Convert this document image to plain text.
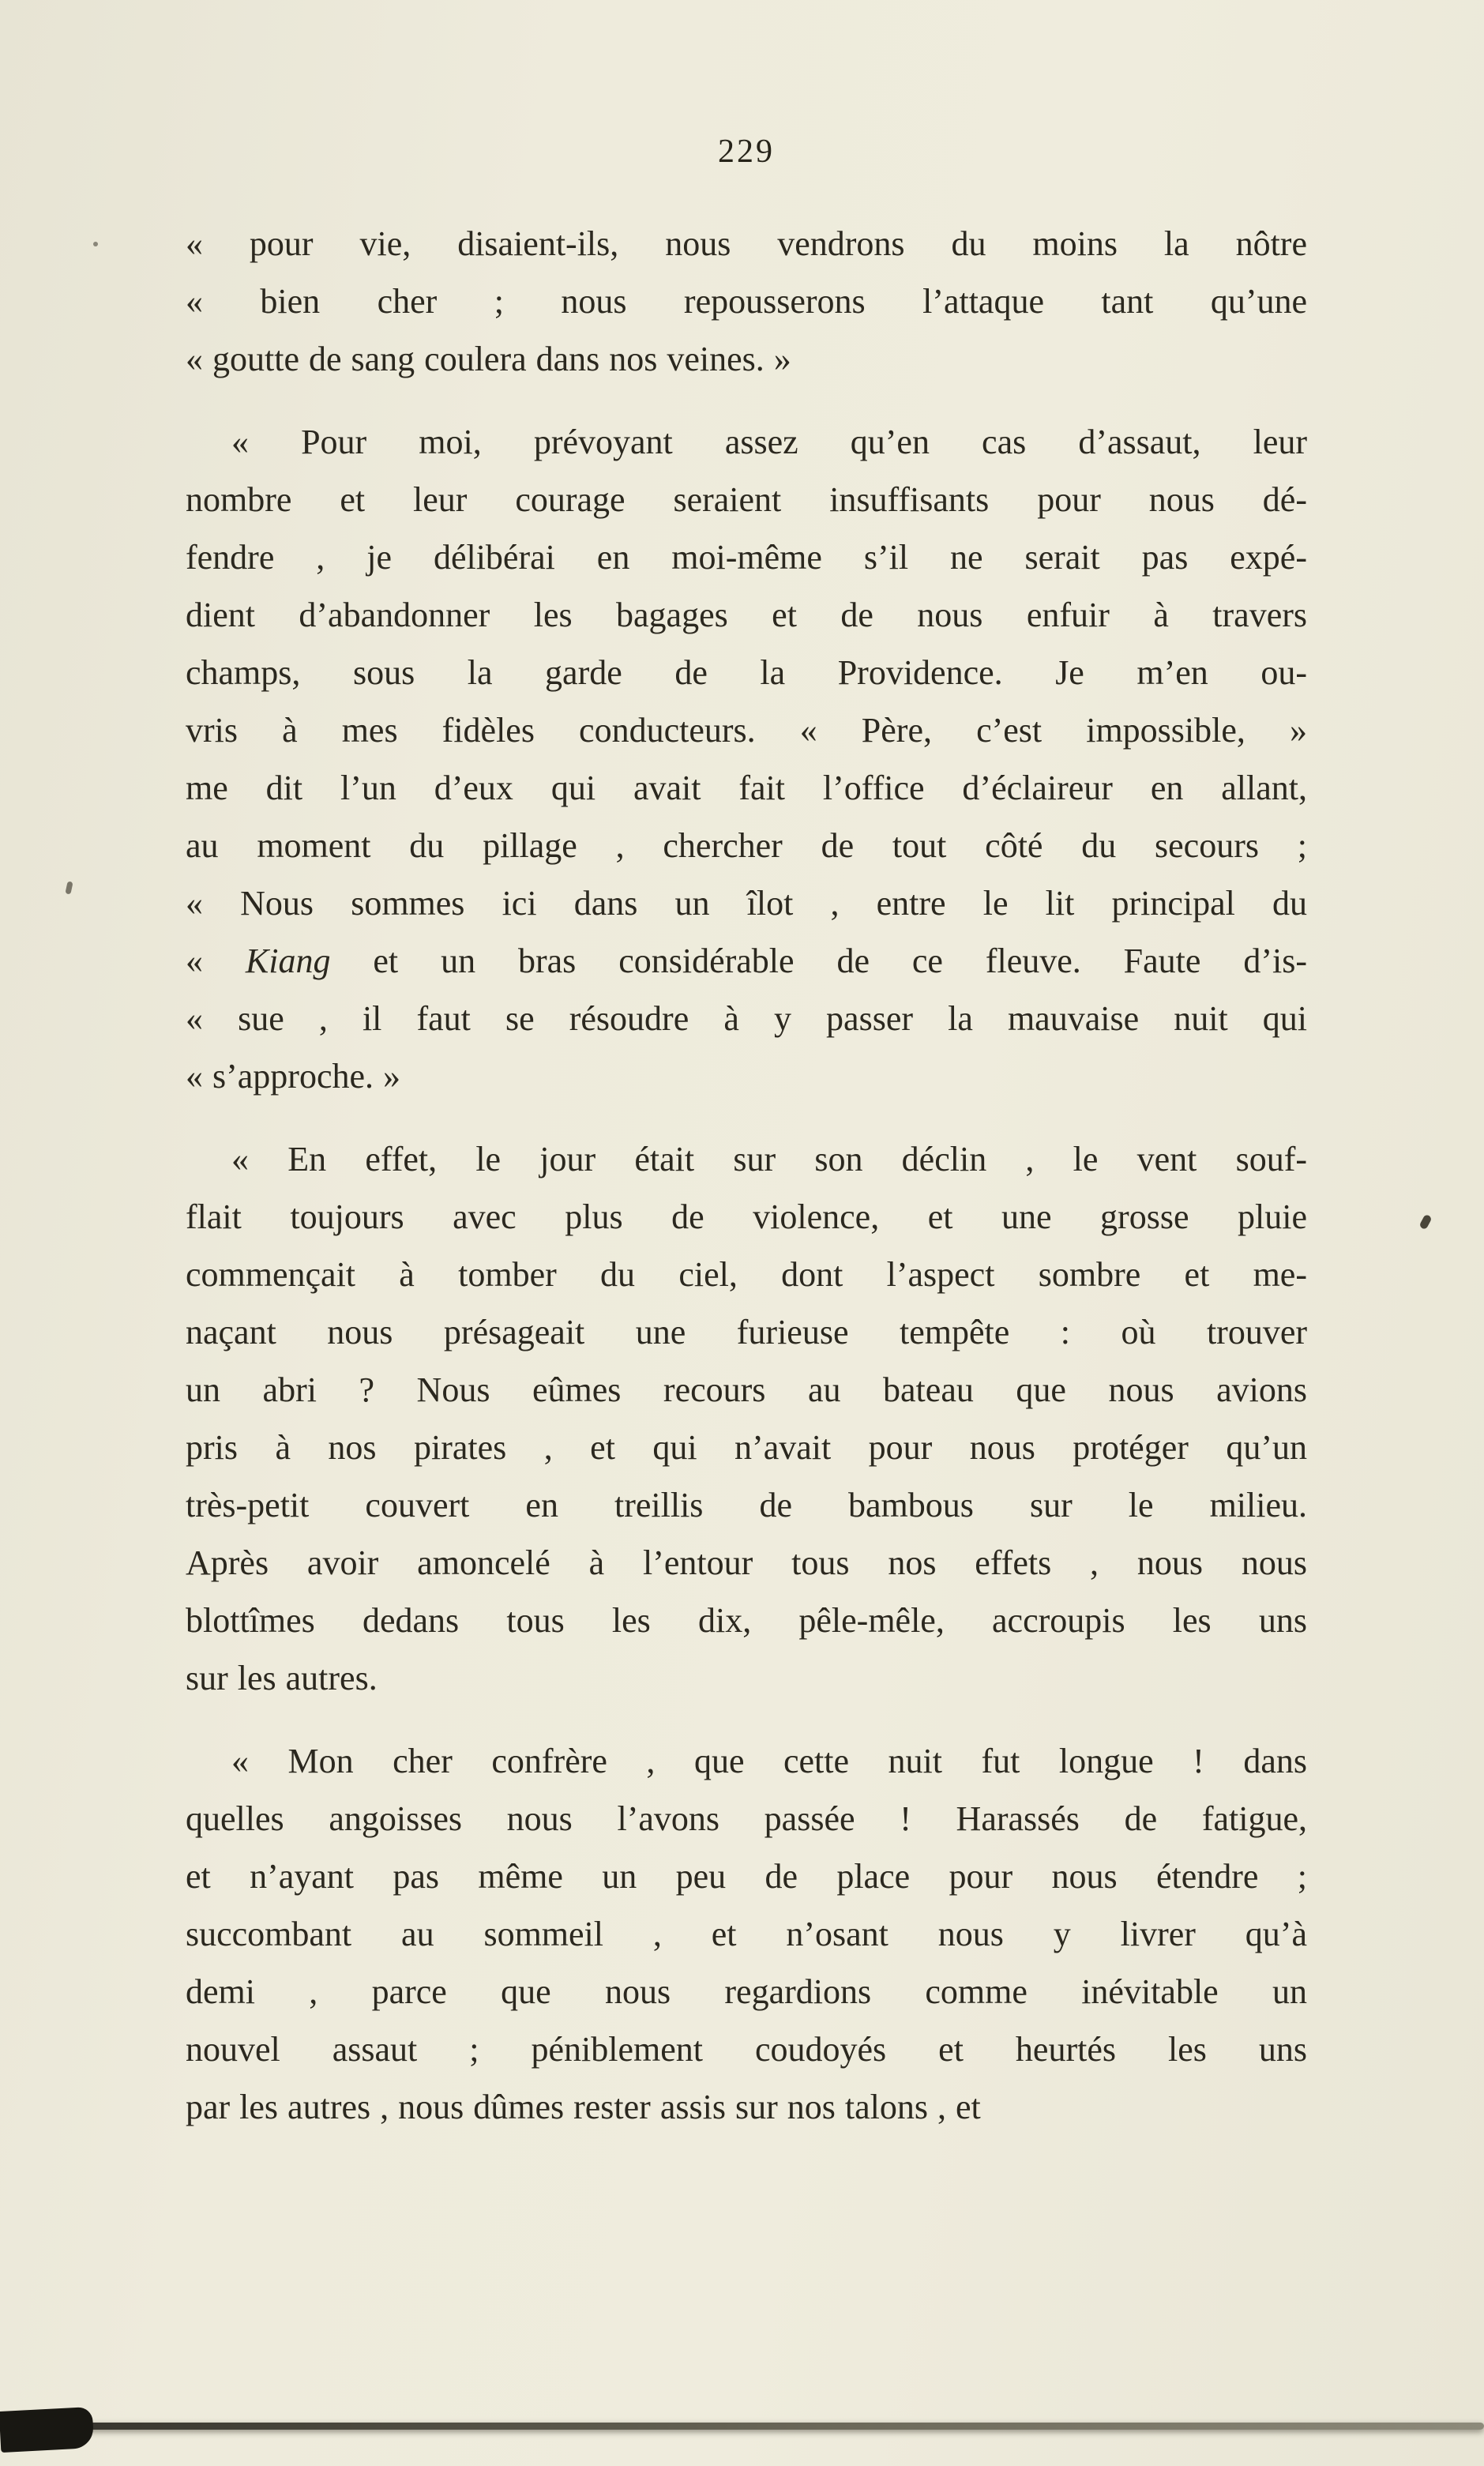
229
« pour vie, disaient-ils, nous vendrons du moins la nôtre
« bien cher ; nous repousserons l’attaque tant qu’une
« goutte de sang coulera dans nos veines. »
« Pour moi, prévoyant assez qu’en cas d’assaut, leur
nombre et leur courage seraient insuffisants pour nous dé-
fendre , je délibérai en moi-même s’il ne serait pas expé-
dient d’abandonner les bagages et de nous enfuir à travers
champs, sous la garde de la Providence. Je m’en ou-
vris à mes fidèles conducteurs. « Père, c’est impossible, »
me dit l’un d’eux qui avait fait l’office d’éclaireur en allant,
au moment du pillage , chercher de tout côté du secours ;
« Nous sommes ici dans un îlot , entre le lit principal du
« Kiang et un bras considérable de ce fleuve. Faute d’is-
« sue , il faut se résoudre à y passer la mauvaise nuit qui
« s’approche. »
« En effet, le jour était sur son déclin , le vent souf-
flait toujours avec plus de violence, et une grosse pluie
commençait à tomber du ciel, dont l’aspect sombre et me-
naçant nous présageait une furieuse tempête : où trouver
un abri ? Nous eûmes recours au bateau que nous avions
pris à nos pirates , et qui n’avait pour nous protéger qu’un
très-petit couvert en treillis de bambous sur le milieu.
Après avoir amoncelé à l’entour tous nos effets , nous nous
blottîmes dedans tous les dix, pêle-mêle, accroupis les uns
sur les autres.
« Mon cher confrère , que cette nuit fut longue ! dans
quelles angoisses nous l’avons passée ! Harassés de fatigue,
et n’ayant pas même un peu de place pour nous étendre ;
succombant au sommeil , et n’osant nous y livrer qu’à
demi , parce que nous regardions comme inévitable un
nouvel assaut ; péniblement coudoyés et heurtés les uns
par les autres , nous dûmes rester assis sur nos talons , et
